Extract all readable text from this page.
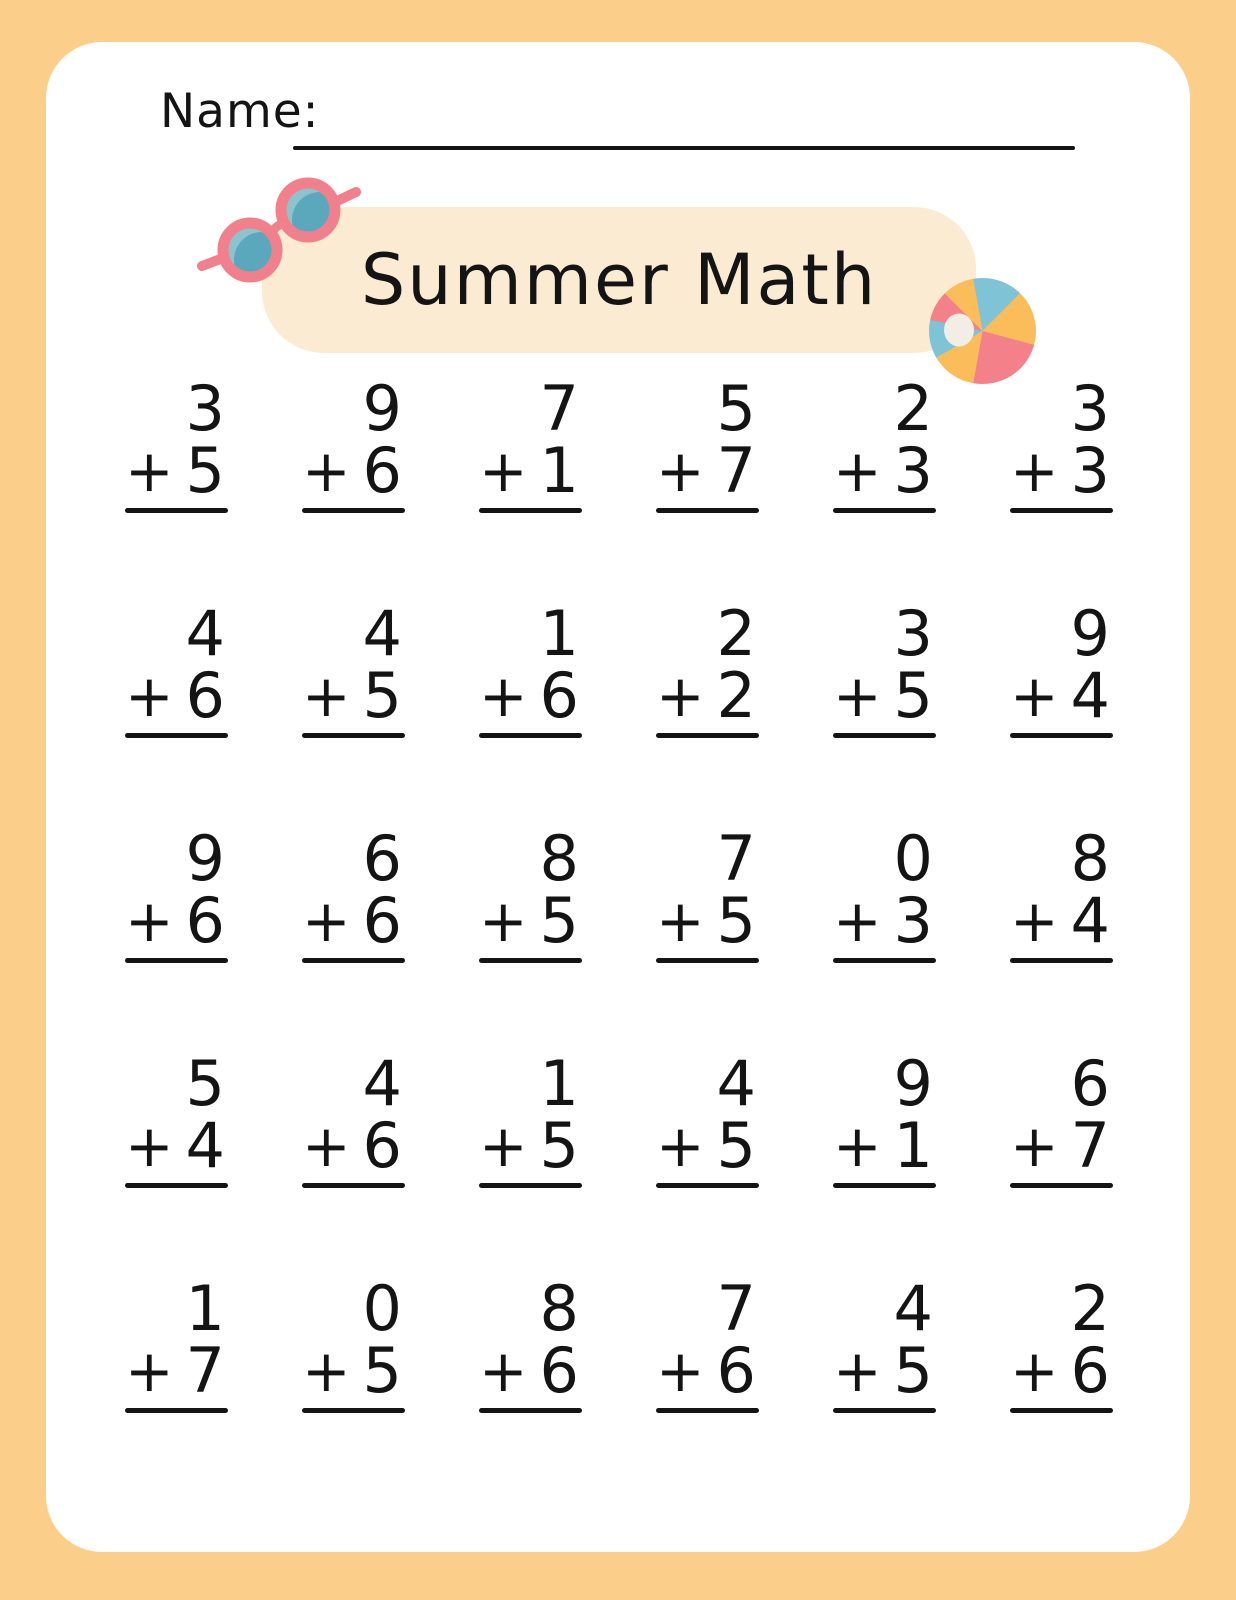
Name:
Summer Math
3
+ 5
9
+ 6
7
+ 1
5
+ 7
2
+ 3
3
+ 3
4
+ 6
4
+ 5
1
+ 6
2
+ 2
3
+ 5
9
+ 4
9
+ 6
6
+ 6
8
+ 5
7
+ 5
0
+ 3
8
+ 4
5
+ 4
4
+ 6
1
+ 5
4
+ 5
9
+ 1
6
+ 7
1
+ 7
0
+ 5
8
+ 6
7
+ 6
4
+ 5
2
+ 6
